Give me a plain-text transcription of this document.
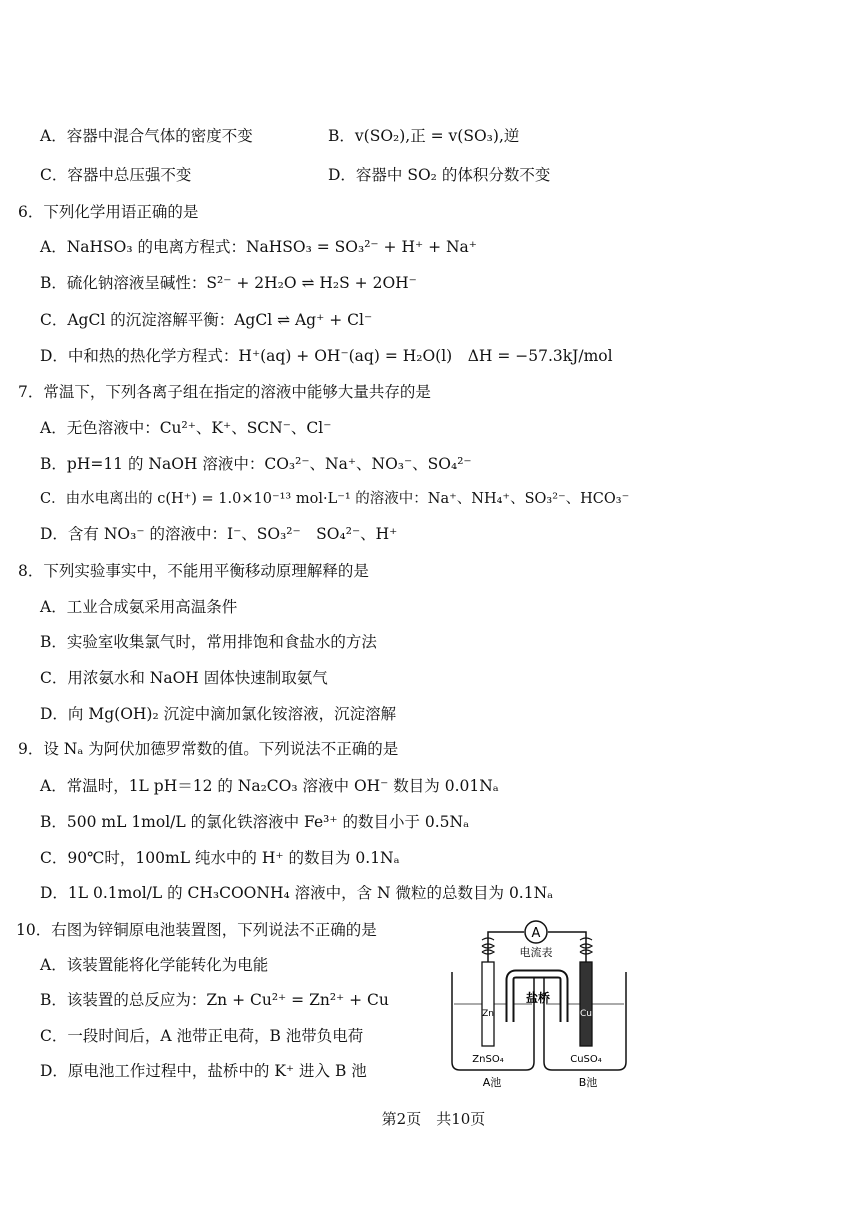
A．容器中混合气体的密度不变	B．v(SO₂),正 = v(SO₃),逆
C．容器中总压强不变	D．容器中 SO₂ 的体积分数不变
6．下列化学用语正确的是
A．NaHSO₃ 的电离方程式：NaHSO₃ = SO₃²⁻ + H⁺ + Na⁺
B．硫化钠溶液呈碱性：S²⁻ + 2H₂O ⇌ H₂S + 2OH⁻
C．AgCl 的沉淀溶解平衡：AgCl ⇌ Ag⁺ + Cl⁻
D．中和热的热化学方程式：H⁺(aq) + OH⁻(aq) = H₂O(l)　ΔH = −57.3kJ/mol
7．常温下，下列各离子组在指定的溶液中能够大量共存的是
A．无色溶液中：Cu²⁺、K⁺、SCN⁻、Cl⁻
B．pH=11 的 NaOH 溶液中：CO₃²⁻、Na⁺、NO₃⁻、SO₄²⁻
C．由水电离出的 c(H⁺) = 1.0×10⁻¹³ mol·L⁻¹ 的溶液中：Na⁺、NH₄⁺、SO₃²⁻、HCO₃⁻
D．含有 NO₃⁻ 的溶液中：I⁻、SO₃²⁻　SO₄²⁻、H⁺
8．下列实验事实中，不能用平衡移动原理解释的是
A．工业合成氨采用高温条件
B．实验室收集氯气时，常用排饱和食盐水的方法
C．用浓氨水和 NaOH 固体快速制取氨气
D．向 Mg(OH)₂ 沉淀中滴加氯化铵溶液，沉淀溶解
9．设 Nₐ 为阿伏加德罗常数的值。下列说法不正确的是
A．常温时，1L pH＝12 的 Na₂CO₃ 溶液中 OH⁻ 数目为 0.01Nₐ
B．500 mL 1mol/L 的氯化铁溶液中 Fe³⁺ 的数目小于 0.5Nₐ
C．90℃时，100mL 纯水中的 H⁺ 的数目为 0.1Nₐ
D．1L 0.1mol/L 的 CH₃COONH₄ 溶液中，含 N 微粒的总数目为 0.1Nₐ
10．右图为锌铜原电池装置图，下列说法不正确的是
A．该装置能将化学能转化为电能
B．该装置的总反应为：Zn + Cu²⁺ = Zn²⁺ + Cu
C．一段时间后，A 池带正电荷，B 池带负电荷
D．原电池工作过程中，盐桥中的 K⁺ 进入 B 池
A
电流表
Zn	Cu
盐桥
ZnSO₄	CuSO₄
A池	B池
第2页　共10页
